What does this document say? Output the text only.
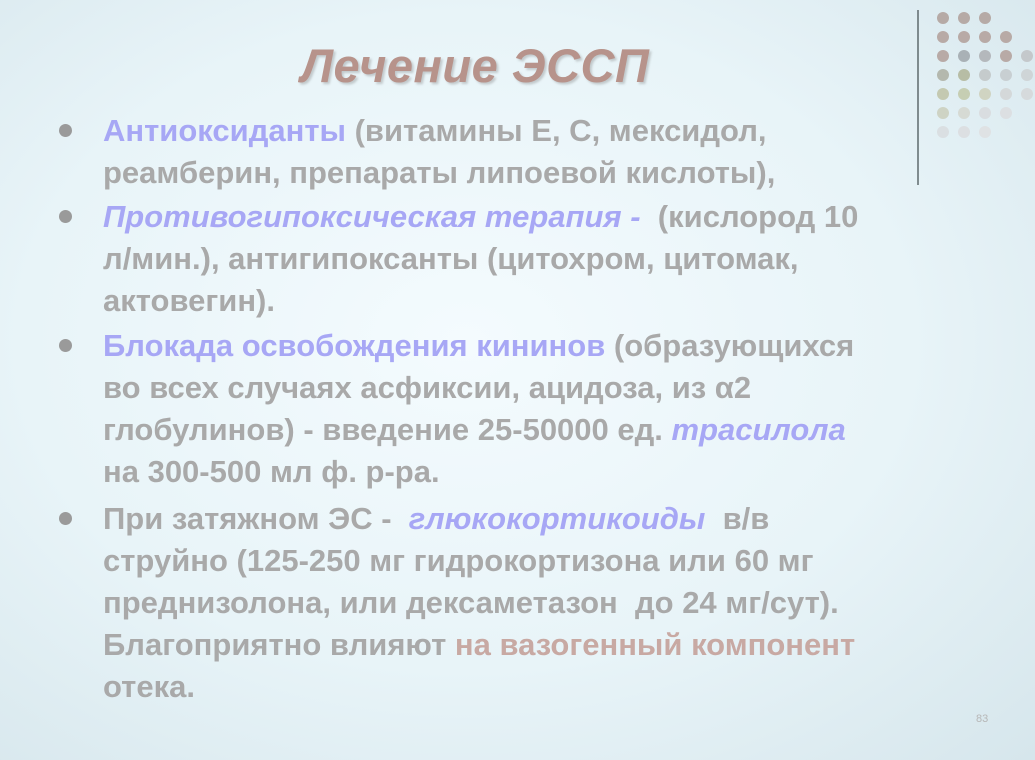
Лечение ЭССП
Антиоксиданты (витамины Е, С, мексидол,
реамберин, препараты липоевой кислоты),
Противогипоксическая терапия -  (кислород 10
л/мин.), антигипоксанты (цитохром, цитомак,
актовегин).
Блокада освобождения кининов (образующихся
во всех случаях асфиксии, ацидоза, из α2
глобулинов) - введение 25-50000 ед. трасилола
на 300-500 мл ф. р-ра.
При затяжном ЭС -  глюкокортикоиды  в/в
струйно (125-250 мг гидрокортизона или 60 мг
преднизолона, или дексаметазон  до 24 мг/сут).
Благоприятно влияют на вазогенный компонент
отека.
83
